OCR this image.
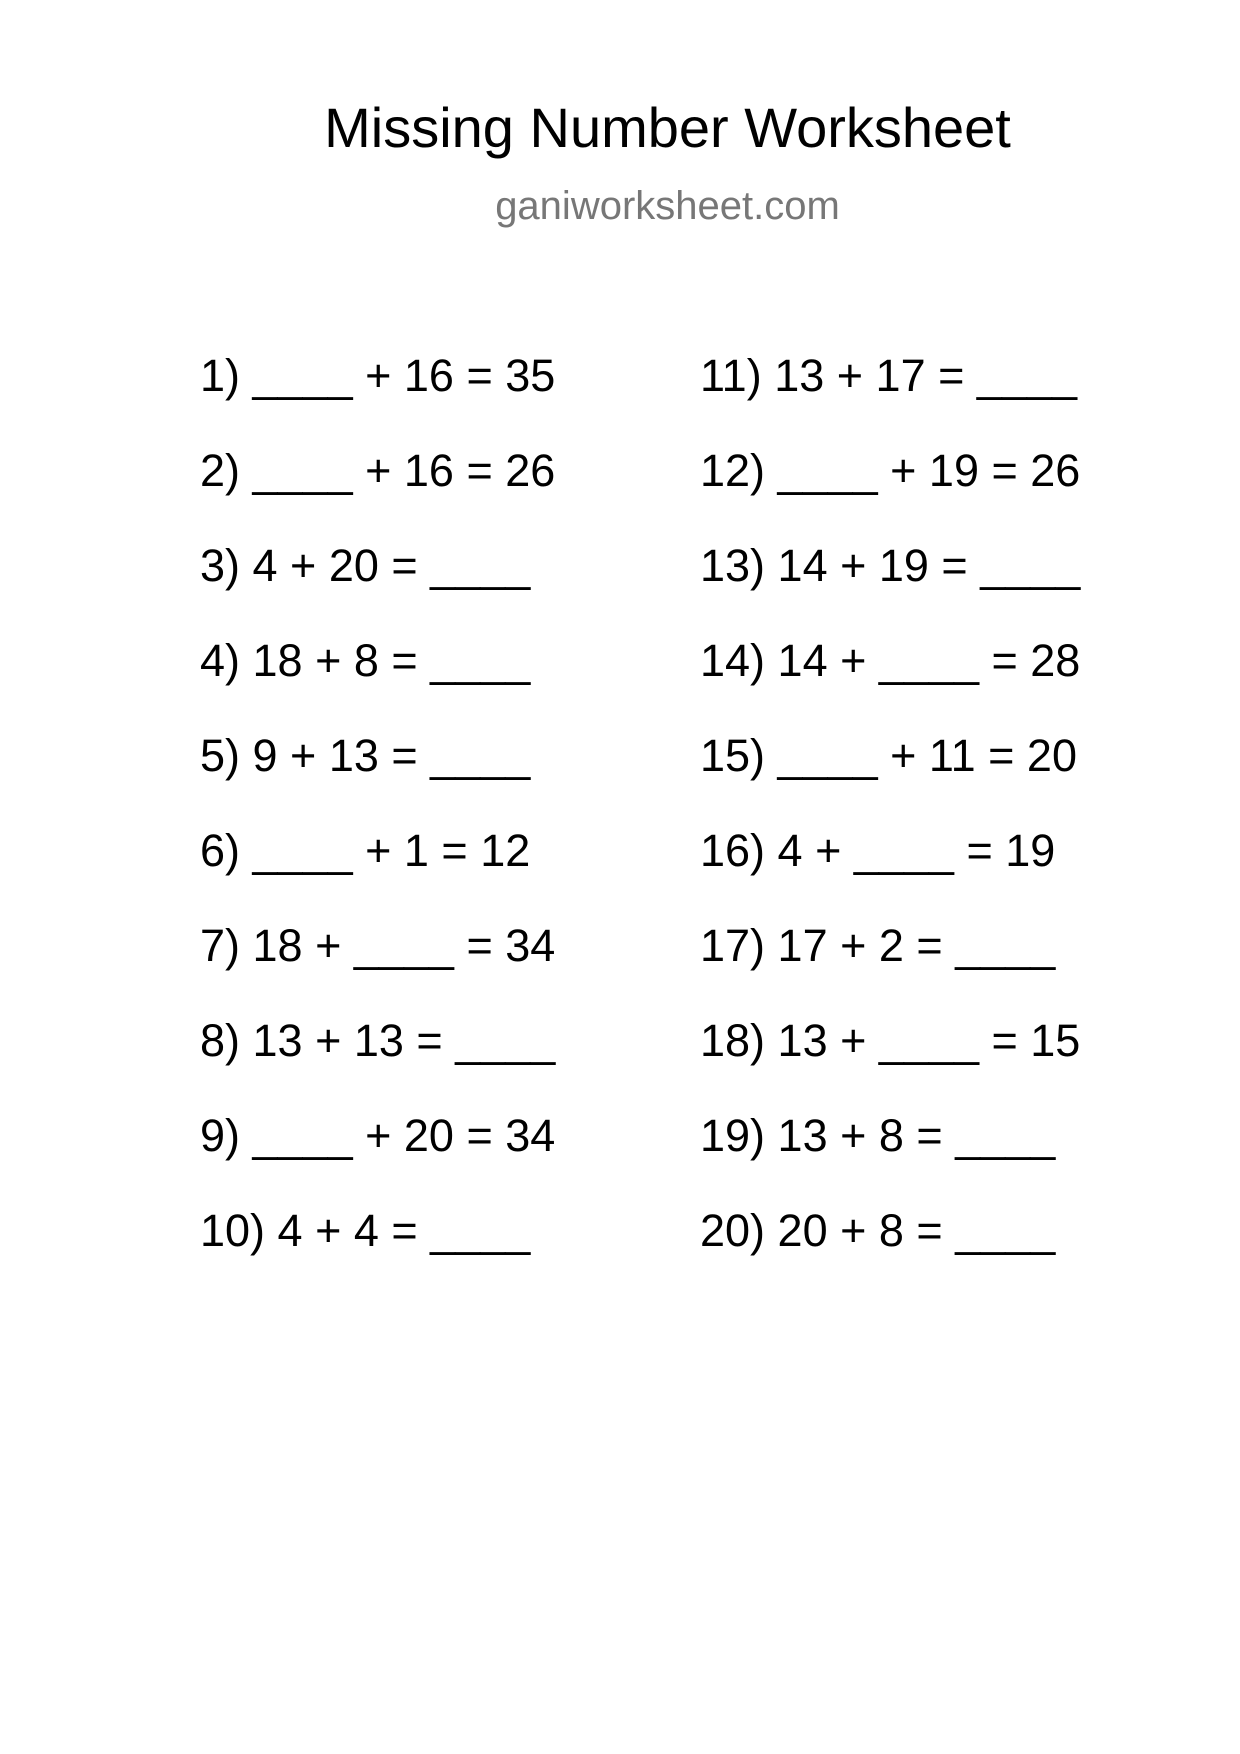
Missing Number Worksheet
ganiworksheet.com
1) ____ + 16 = 35
2) ____ + 16 = 26
3) 4 + 20 = ____
4) 18 + 8 = ____
5) 9 + 13 = ____
6) ____ + 1 = 12
7) 18 + ____ = 34
8) 13 + 13 = ____
9) ____ + 20 = 34
10) 4 + 4 = ____
11) 13 + 17 = ____
12) ____ + 19 = 26
13) 14 + 19 = ____
14) 14 + ____ = 28
15) ____ + 11 = 20
16) 4 + ____ = 19
17) 17 + 2 = ____
18) 13 + ____ = 15
19) 13 + 8 = ____
20) 20 + 8 = ____
